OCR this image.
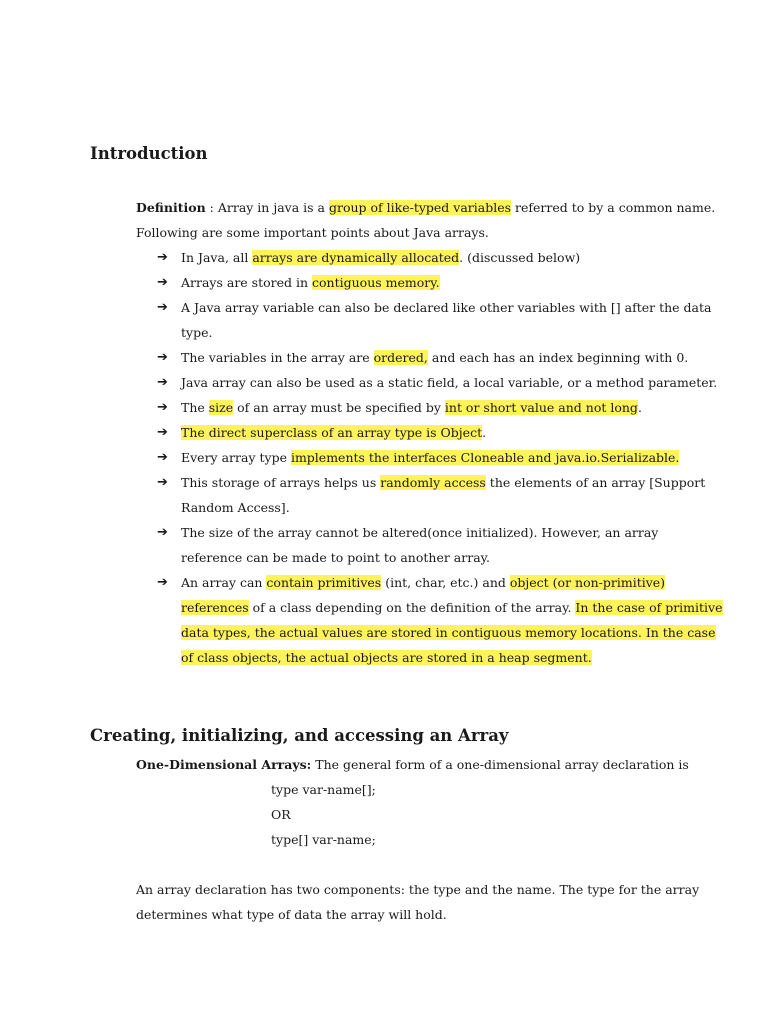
Introduction

Definition : Array in java is a group of like-typed variables referred to by a common name.

Following are some important points about Java arrays.

➔ In Java, all arrays are dynamically allocated. (discussed below)

➔ Arrays are stored in contiguous memory.

➔ A Java array variable can also be declared like other variables with [] after the data

type.

➔ The variables in the array are ordered, and each has an index beginning with 0.

➔ Java array can also be used as a static field, a local variable, or a method parameter.

➔ The size of an array must be specified by int or short value and not long.

➔ The direct superclass of an array type is Object.

➔ Every array type implements the interfaces Cloneable and java.io.Serializable.

➔ This storage of arrays helps us randomly access the elements of an array [Support

Random Access].

➔ The size of the array cannot be altered(once initialized). However, an array

reference can be made to point to another array.

➔ An array can contain primitives (int, char, etc.) and object (or non-primitive)

references of a class depending on the definition of the array. In the case of primitive

data types, the actual values are stored in contiguous memory locations. In the case

of class objects, the actual objects are stored in a heap segment.

Creating, initializing, and accessing an Array

One-Dimensional Arrays: The general form of a one-dimensional array declaration is

type var-name[];

OR

type[] var-name;

An array declaration has two components: the type and the name. The type for the array

determines what type of data the array will hold.
